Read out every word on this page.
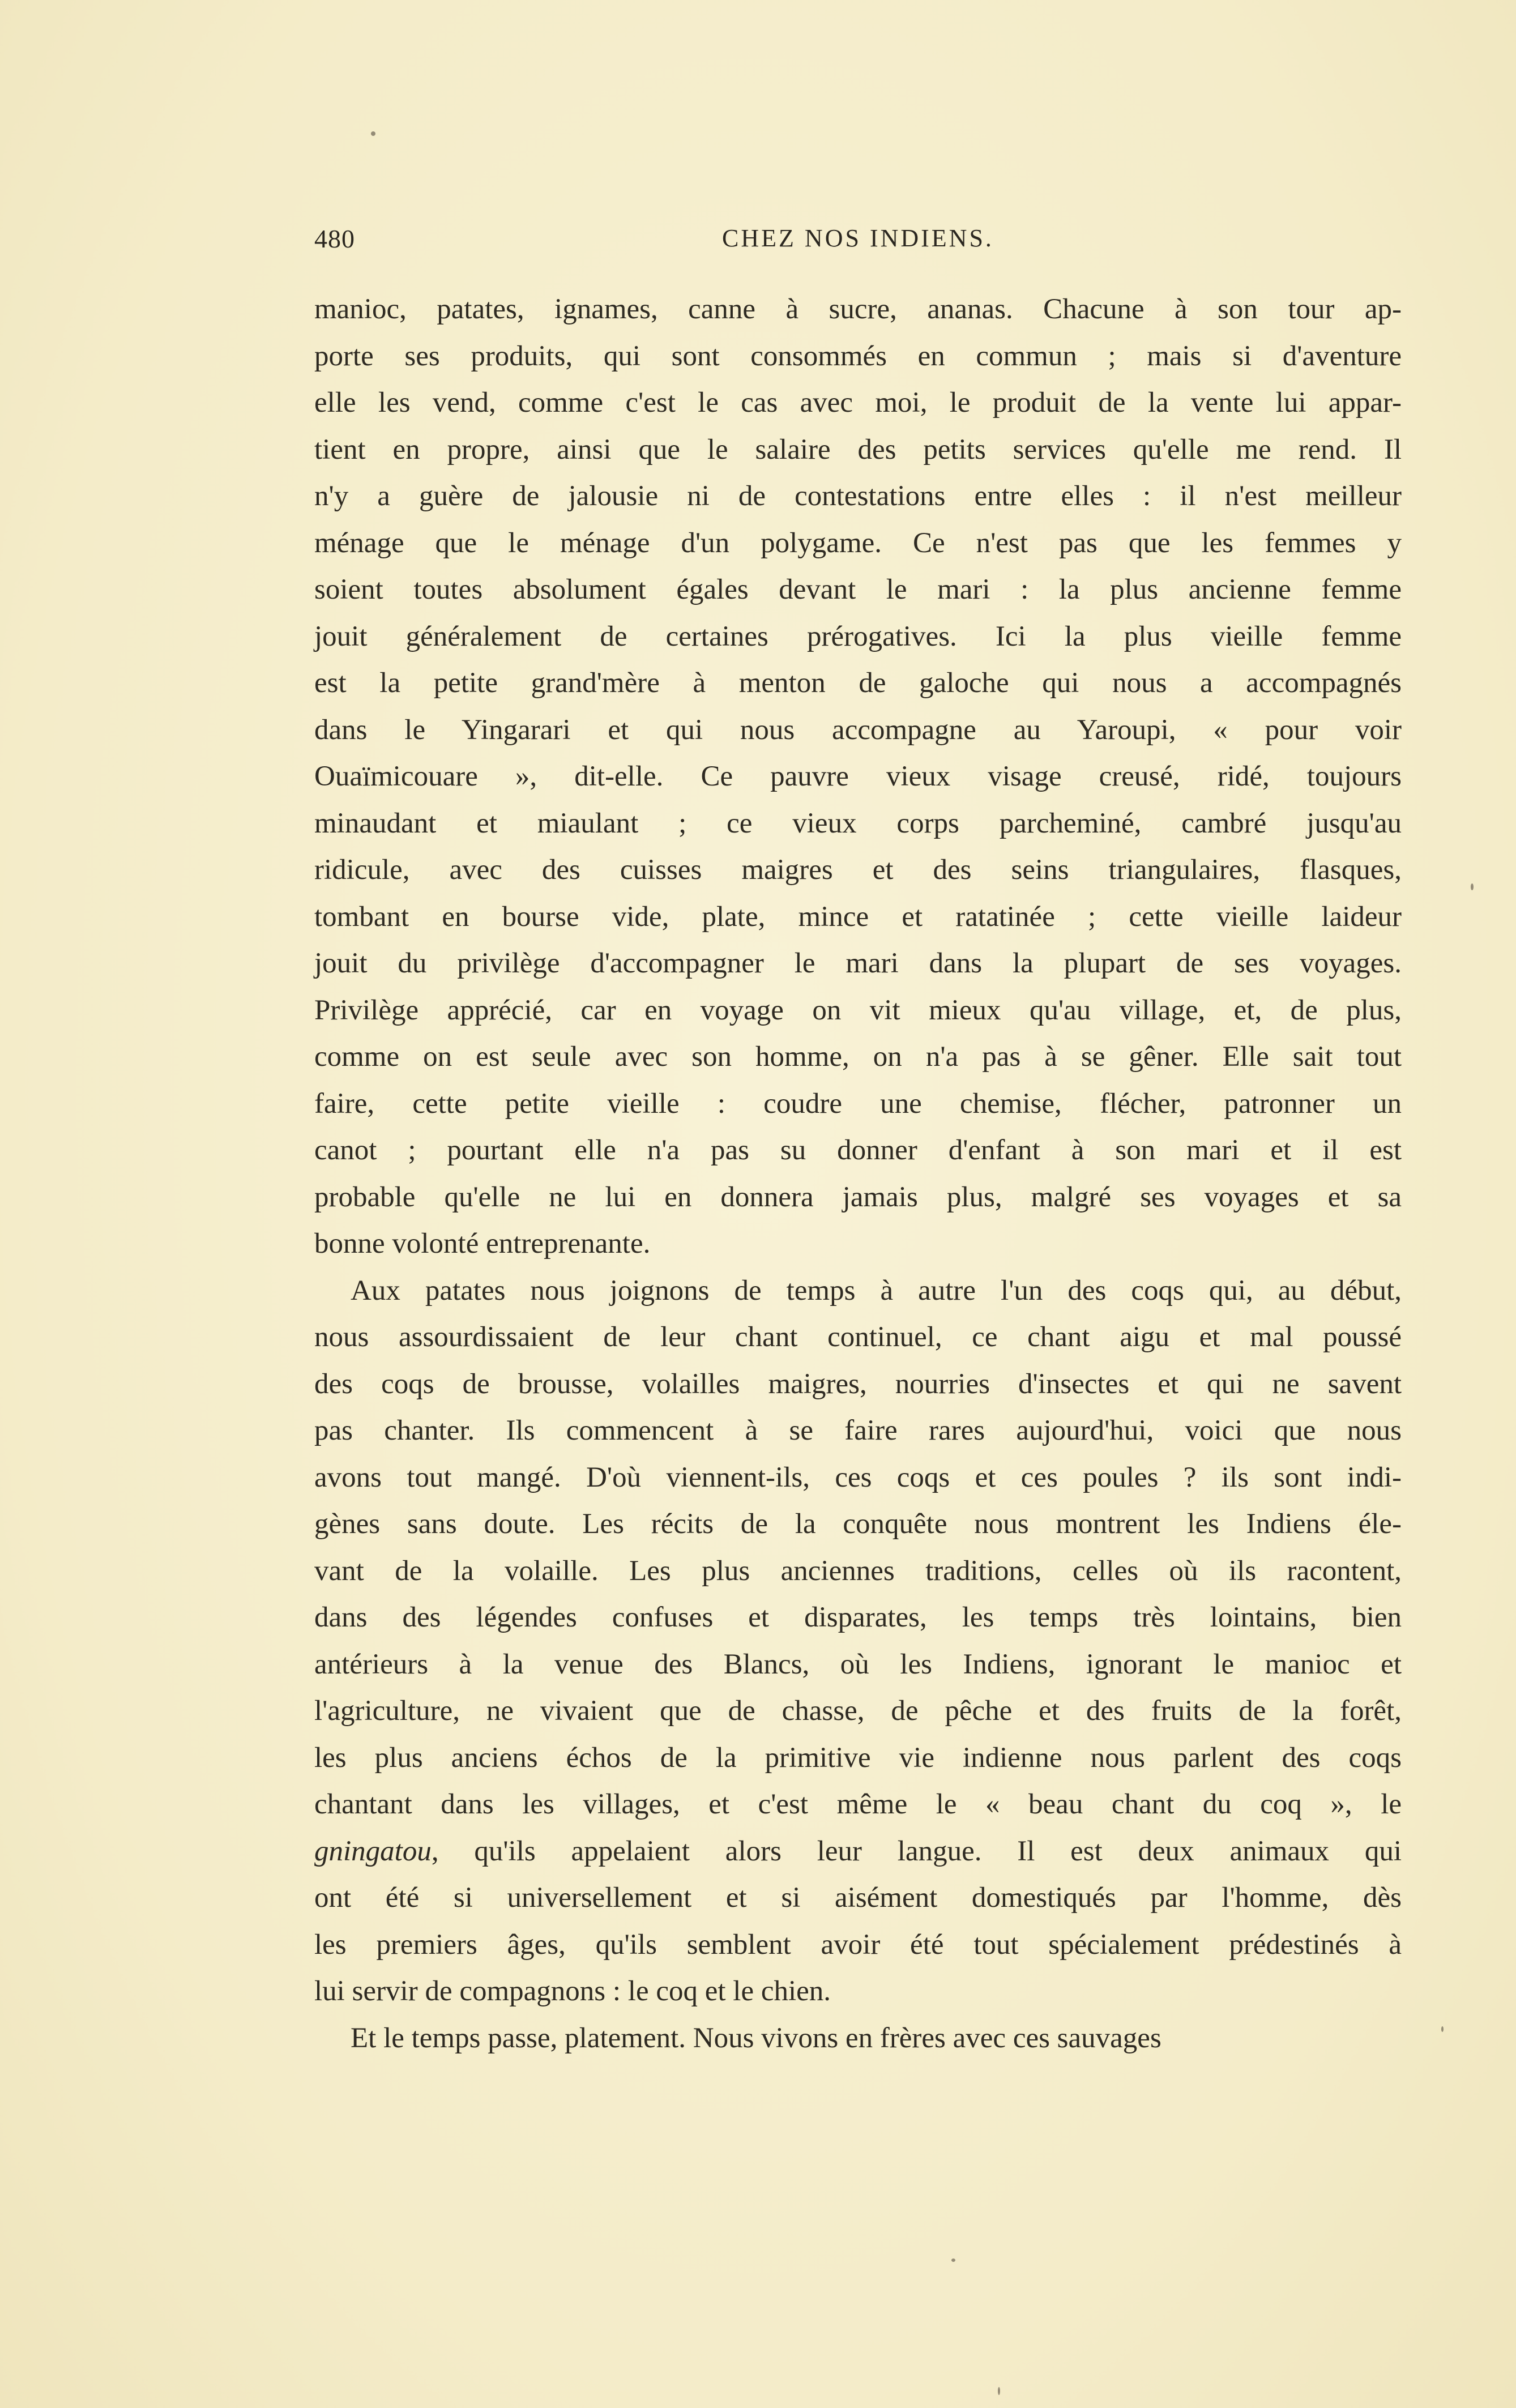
480	CHEZ NOS INDIENS.
manioc, patates, ignames, canne à sucre, ananas. Chacune à son tour ap-
porte ses produits, qui sont consommés en commun ; mais si d'aventure
elle les vend, comme c'est le cas avec moi, le produit de la vente lui appar-
tient en propre, ainsi que le salaire des petits services qu'elle me rend. Il
n'y a guère de jalousie ni de contestations entre elles : il n'est meilleur
ménage que le ménage d'un polygame. Ce n'est pas que les femmes y
soient toutes absolument égales devant le mari : la plus ancienne femme
jouit généralement de certaines prérogatives. Ici la plus vieille femme
est la petite grand'mère à menton de galoche qui nous a accompagnés
dans le Yingarari et qui nous accompagne au Yaroupi, « pour voir
Ouaïmicouare », dit-elle. Ce pauvre vieux visage creusé, ridé, toujours
minaudant et miaulant ; ce vieux corps parcheminé, cambré jusqu'au
ridicule, avec des cuisses maigres et des seins triangulaires, flasques,
tombant en bourse vide, plate, mince et ratatinée ; cette vieille laideur
jouit du privilège d'accompagner le mari dans la plupart de ses voyages.
Privilège apprécié, car en voyage on vit mieux qu'au village, et, de plus,
comme on est seule avec son homme, on n'a pas à se gêner. Elle sait tout
faire, cette petite vieille : coudre une chemise, flécher, patronner un
canot ; pourtant elle n'a pas su donner d'enfant à son mari et il est
probable qu'elle ne lui en donnera jamais plus, malgré ses voyages et sa
bonne volonté entreprenante.
Aux patates nous joignons de temps à autre l'un des coqs qui, au début,
nous assourdissaient de leur chant continuel, ce chant aigu et mal poussé
des coqs de brousse, volailles maigres, nourries d'insectes et qui ne savent
pas chanter. Ils commencent à se faire rares aujourd'hui, voici que nous
avons tout mangé. D'où viennent-ils, ces coqs et ces poules ? ils sont indi-
gènes sans doute. Les récits de la conquête nous montrent les Indiens éle-
vant de la volaille. Les plus anciennes traditions, celles où ils racontent,
dans des légendes confuses et disparates, les temps très lointains, bien
antérieurs à la venue des Blancs, où les Indiens, ignorant le manioc et
l'agriculture, ne vivaient que de chasse, de pêche et des fruits de la forêt,
les plus anciens échos de la primitive vie indienne nous parlent des coqs
chantant dans les villages, et c'est même le « beau chant du coq », le
gningatou, qu'ils appelaient alors leur langue. Il est deux animaux qui
ont été si universellement et si aisément domestiqués par l'homme, dès
les premiers âges, qu'ils semblent avoir été tout spécialement prédestinés à
lui servir de compagnons : le coq et le chien.
Et le temps passe, platement. Nous vivons en frères avec ces sauvages
